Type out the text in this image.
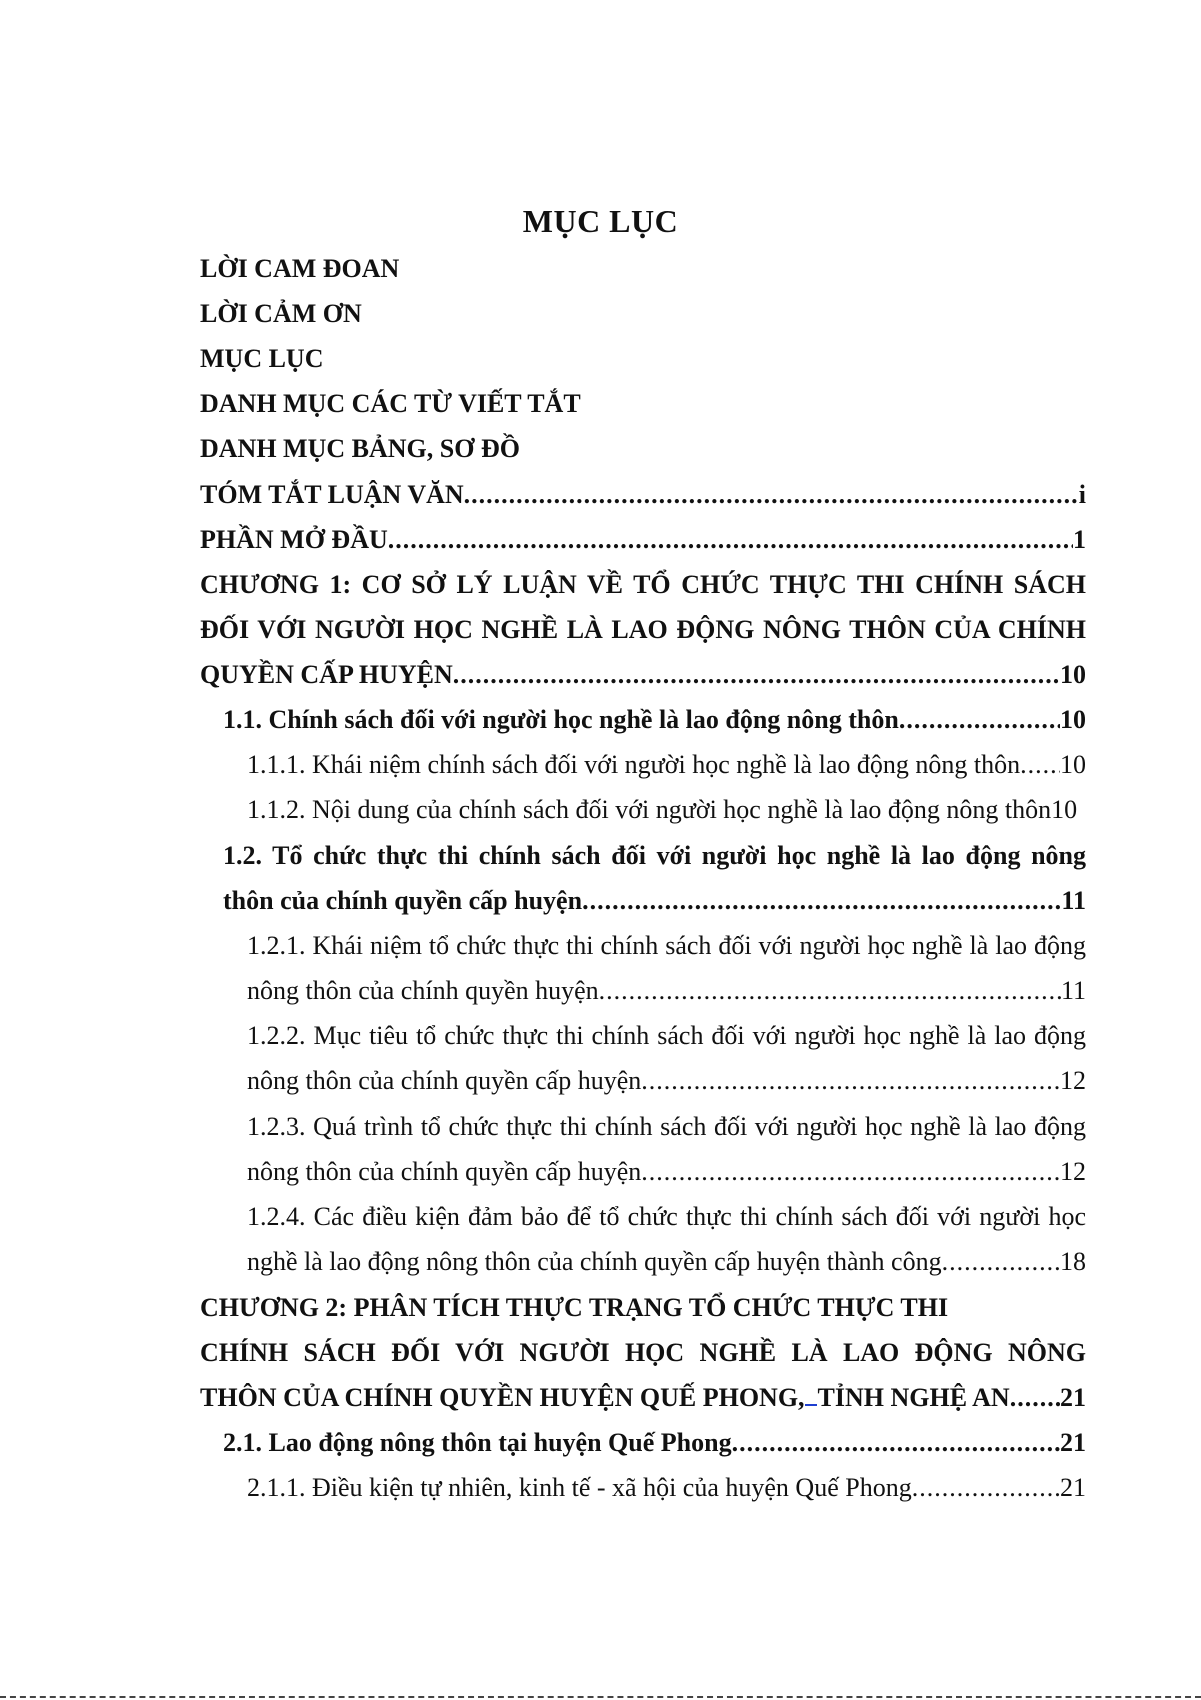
MỤC LỤC
LỜI CAM ĐOAN
LỜI CẢM ƠN
MỤC LỤC
DANH MỤC CÁC TỪ VIẾT TẮT
DANH MỤC BẢNG, SƠ ĐỒ
TÓM TẮT LUẬN VĂN .....	i
PHẦN MỞ ĐẦU .....	1
CHƯƠNG 1: CƠ SỞ LÝ LUẬN VỀ TỔ CHỨC THỰC THI CHÍNH SÁCH
ĐỐI VỚI NGƯỜI HỌC NGHỀ LÀ LAO ĐỘNG NÔNG THÔN CỦA CHÍNH
QUYỀN CẤP HUYỆN .....	10
1.1. Chính sách đối với người học nghề là lao động nông thôn .....	10
1.1.1. Khái niệm chính sách đối với người học nghề là lao động nông thôn ..... 10
1.1.2. Nội dung của chính sách đối với người học nghề là lao động nông thôn 10
1.2. Tổ chức thực thi chính sách đối với người học nghề là lao động nông
thôn của chính quyền cấp huyện .....	11
1.2.1. Khái niệm tổ chức thực thi chính sách đối với người học nghề là lao động
nông thôn của chính quyền huyện .....	11
1.2.2. Mục tiêu tổ chức thực thi chính sách đối với người học nghề là lao động
nông thôn của chính quyền cấp huyện .....	12
1.2.3. Quá trình tổ chức thực thi chính sách đối với người học nghề là lao động
nông thôn của chính quyền cấp huyện .....	12
1.2.4. Các điều kiện đảm bảo để tổ chức thực thi chính sách đối với người học
nghề là lao động nông thôn của chính quyền cấp huyện thành công .....	18
CHƯƠNG 2: PHÂN TÍCH THỰC TRẠNG TỔ CHỨC THỰC THI
CHÍNH SÁCH ĐỐI VỚI NGƯỜI HỌC NGHỀ LÀ LAO ĐỘNG NÔNG
THÔN CỦA CHÍNH QUYỀN HUYỆN QUẾ PHONG, TỈNH NGHỆ AN ..... 21
2.1. Lao động nông thôn tại huyện Quế Phong .....	21
2.1.1. Điều kiện tự nhiên, kinh tế - xã hội của huyện Quế Phong .....	21
